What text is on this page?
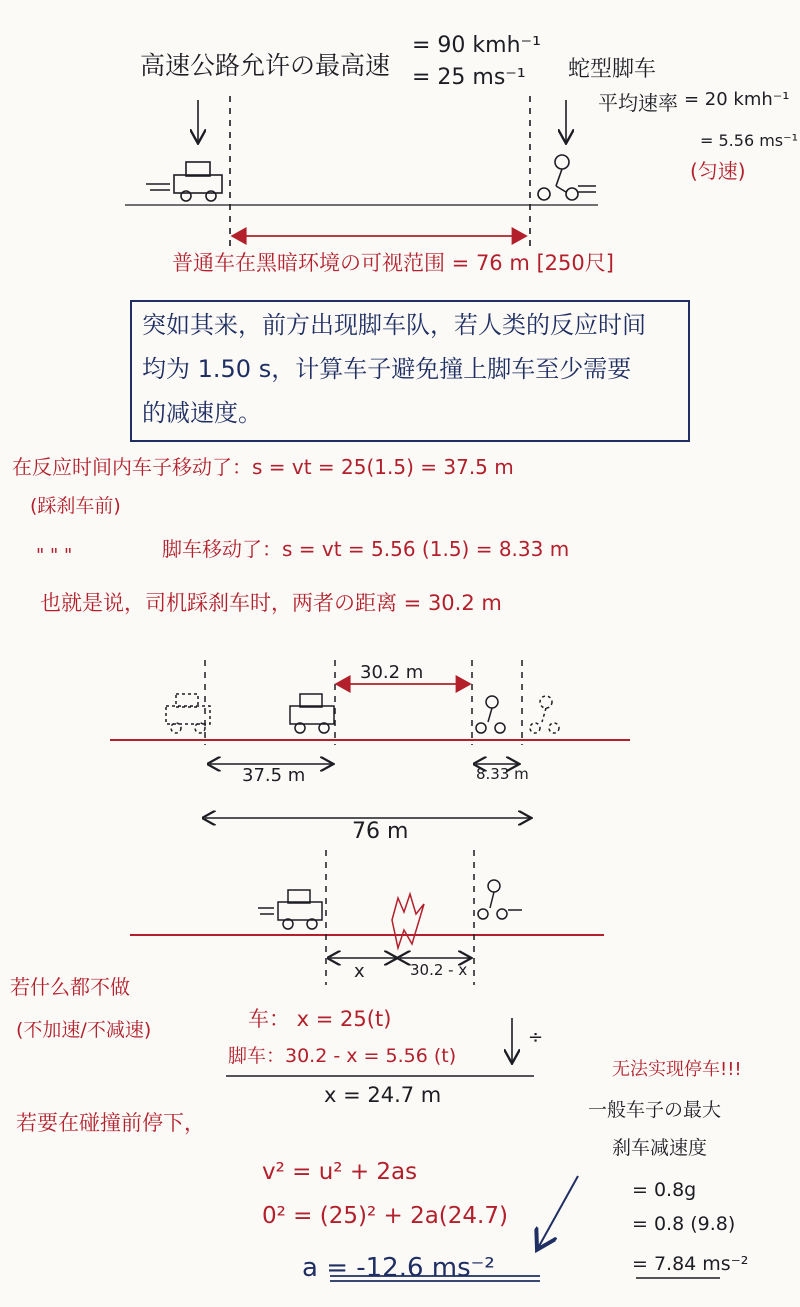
高速公路允许の最高速
= 90 kmh⁻¹
= 25 ms⁻¹ 蛇型脚车
平均速率 = 20 kmh⁻¹
= 5.56 ms⁻¹
(匀速)
普通车在黑暗环境の可视范围 = 76 m [250尺]
突如其来，前方出现脚车队，若人类的反应时间
均为 1.50 s，计算车子避免撞上脚车至少需要
的减速度。
在反应时间内车子移动了：s = vt = 25(1.5) = 37.5 m
(踩刹车前)
" " "	脚车移动了：s = vt = 5.56 (1.5) = 8.33 m
也就是说，司机踩刹车时，两者の距离 = 30.2 m
30.2 m
37.5 m	8.33 m
76 m
x	30.2 - x
若什么都不做
(不加速/不减速)	车： x = 25(t)
脚车：30.2 - x = 5.56 (t)
÷
x = 24.7 m
若要在碰撞前停下，
v² = u² + 2as
0² = (25)² + 2a(24.7)
a = -12.6 ms⁻²
无法实现停车!!!
一般车子の最大
刹车减速度
= 0.8g
= 0.8 (9.8)
= 7.84 ms⁻²
